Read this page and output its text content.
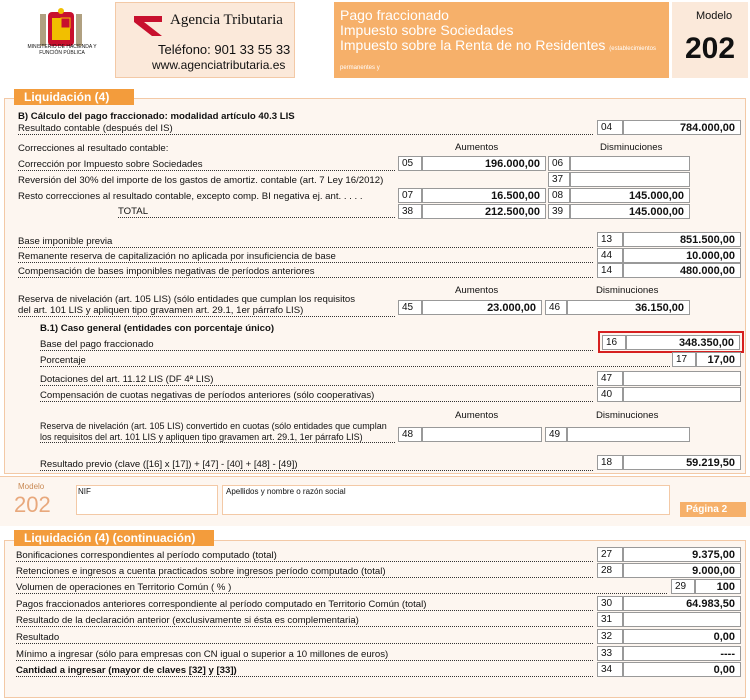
MINISTERIO DE HACIENDA Y FUNCIÓN PÚBLICA
Agencia Tributaria
Teléfono: 901 33 55 33
www.agenciatributaria.es
Pago fraccionado
Impuesto sobre Sociedades
Impuesto sobre la Renta de no Residentes (establecimientos permanentes y
entidades en régimen de atribución de rentas constituidas en el extranjero con presencia en territorio español)
Modelo
202
Liquidación (4)
B) Cálculo del pago fraccionado: modalidad artículo 40.3 LIS
Resultado contable (después del IS)	04	784.000,00
Correcciones al resultado contable:	Aumentos	Disminuciones
Corrección por Impuesto sobre Sociedades	05	196.000,00	06
Reversión del 30% del importe de los gastos de amortiz. contable (art. 7 Ley 16/2012)	37
Resto correcciones al resultado contable, excepto comp. BI negativa ej. ant. . . . .	07	16.500,00	08	145.000,00
TOTAL	38	212.500,00	39	145.000,00
Base imponible previa	13	851.500,00
Remanente reserva de capitalización no aplicada por insuficiencia de base	44	10.000,00
Compensación de bases imponibles negativas de períodos anteriores	14	480.000,00
Aumentos	Disminuciones
Reserva de nivelación (art. 105 LIS) (sólo entidades que cumplan los requisitos
del art. 101 LIS y apliquen tipo gravamen art. 29.1, 1er párrafo LIS)	45	23.000,00	46	36.150,00
B.1) Caso general (entidades con porcentaje único)
Base del pago fraccionado	16	348.350,00
Porcentaje	17	17,00
Dotaciones del art. 11.12 LIS (DF 4ª LIS)	47
Compensación de cuotas negativas de períodos anteriores (sólo cooperativas)	40
Aumentos	Disminuciones
Reserva de nivelación (art. 105 LIS) convertido en cuotas (sólo entidades que cumplan
los requisitos del art. 101 LIS y apliquen tipo gravamen art. 29.1, 1er párrafo LIS)	48	49
Resultado previo (clave ([16] x [17]) + [47] - [40] + [48] - [49])	18	59.219,50
Modelo
202
NIF	Apellidos y nombre o razón social
Página 2
Liquidación (4) (continuación)
Bonificaciones correspondientes al período computado (total)	27	9.375,00
Retenciones e ingresos a cuenta practicados sobre ingresos período computado (total)	28	9.000,00
Volumen de operaciones en Territorio Común ( % )	29	100
Pagos fraccionados anteriores correspondiente al período computado en Territorio Común (total)	30	64.983,50
Resultado de la declaración anterior (exclusivamente si ésta es complementaria)	31
Resultado	32	0,00
Mínimo a ingresar (sólo para empresas con CN igual o superior a 10 millones de euros)	33	----
Cantidad a ingresar (mayor de claves [32] y [33])	34	0,00
